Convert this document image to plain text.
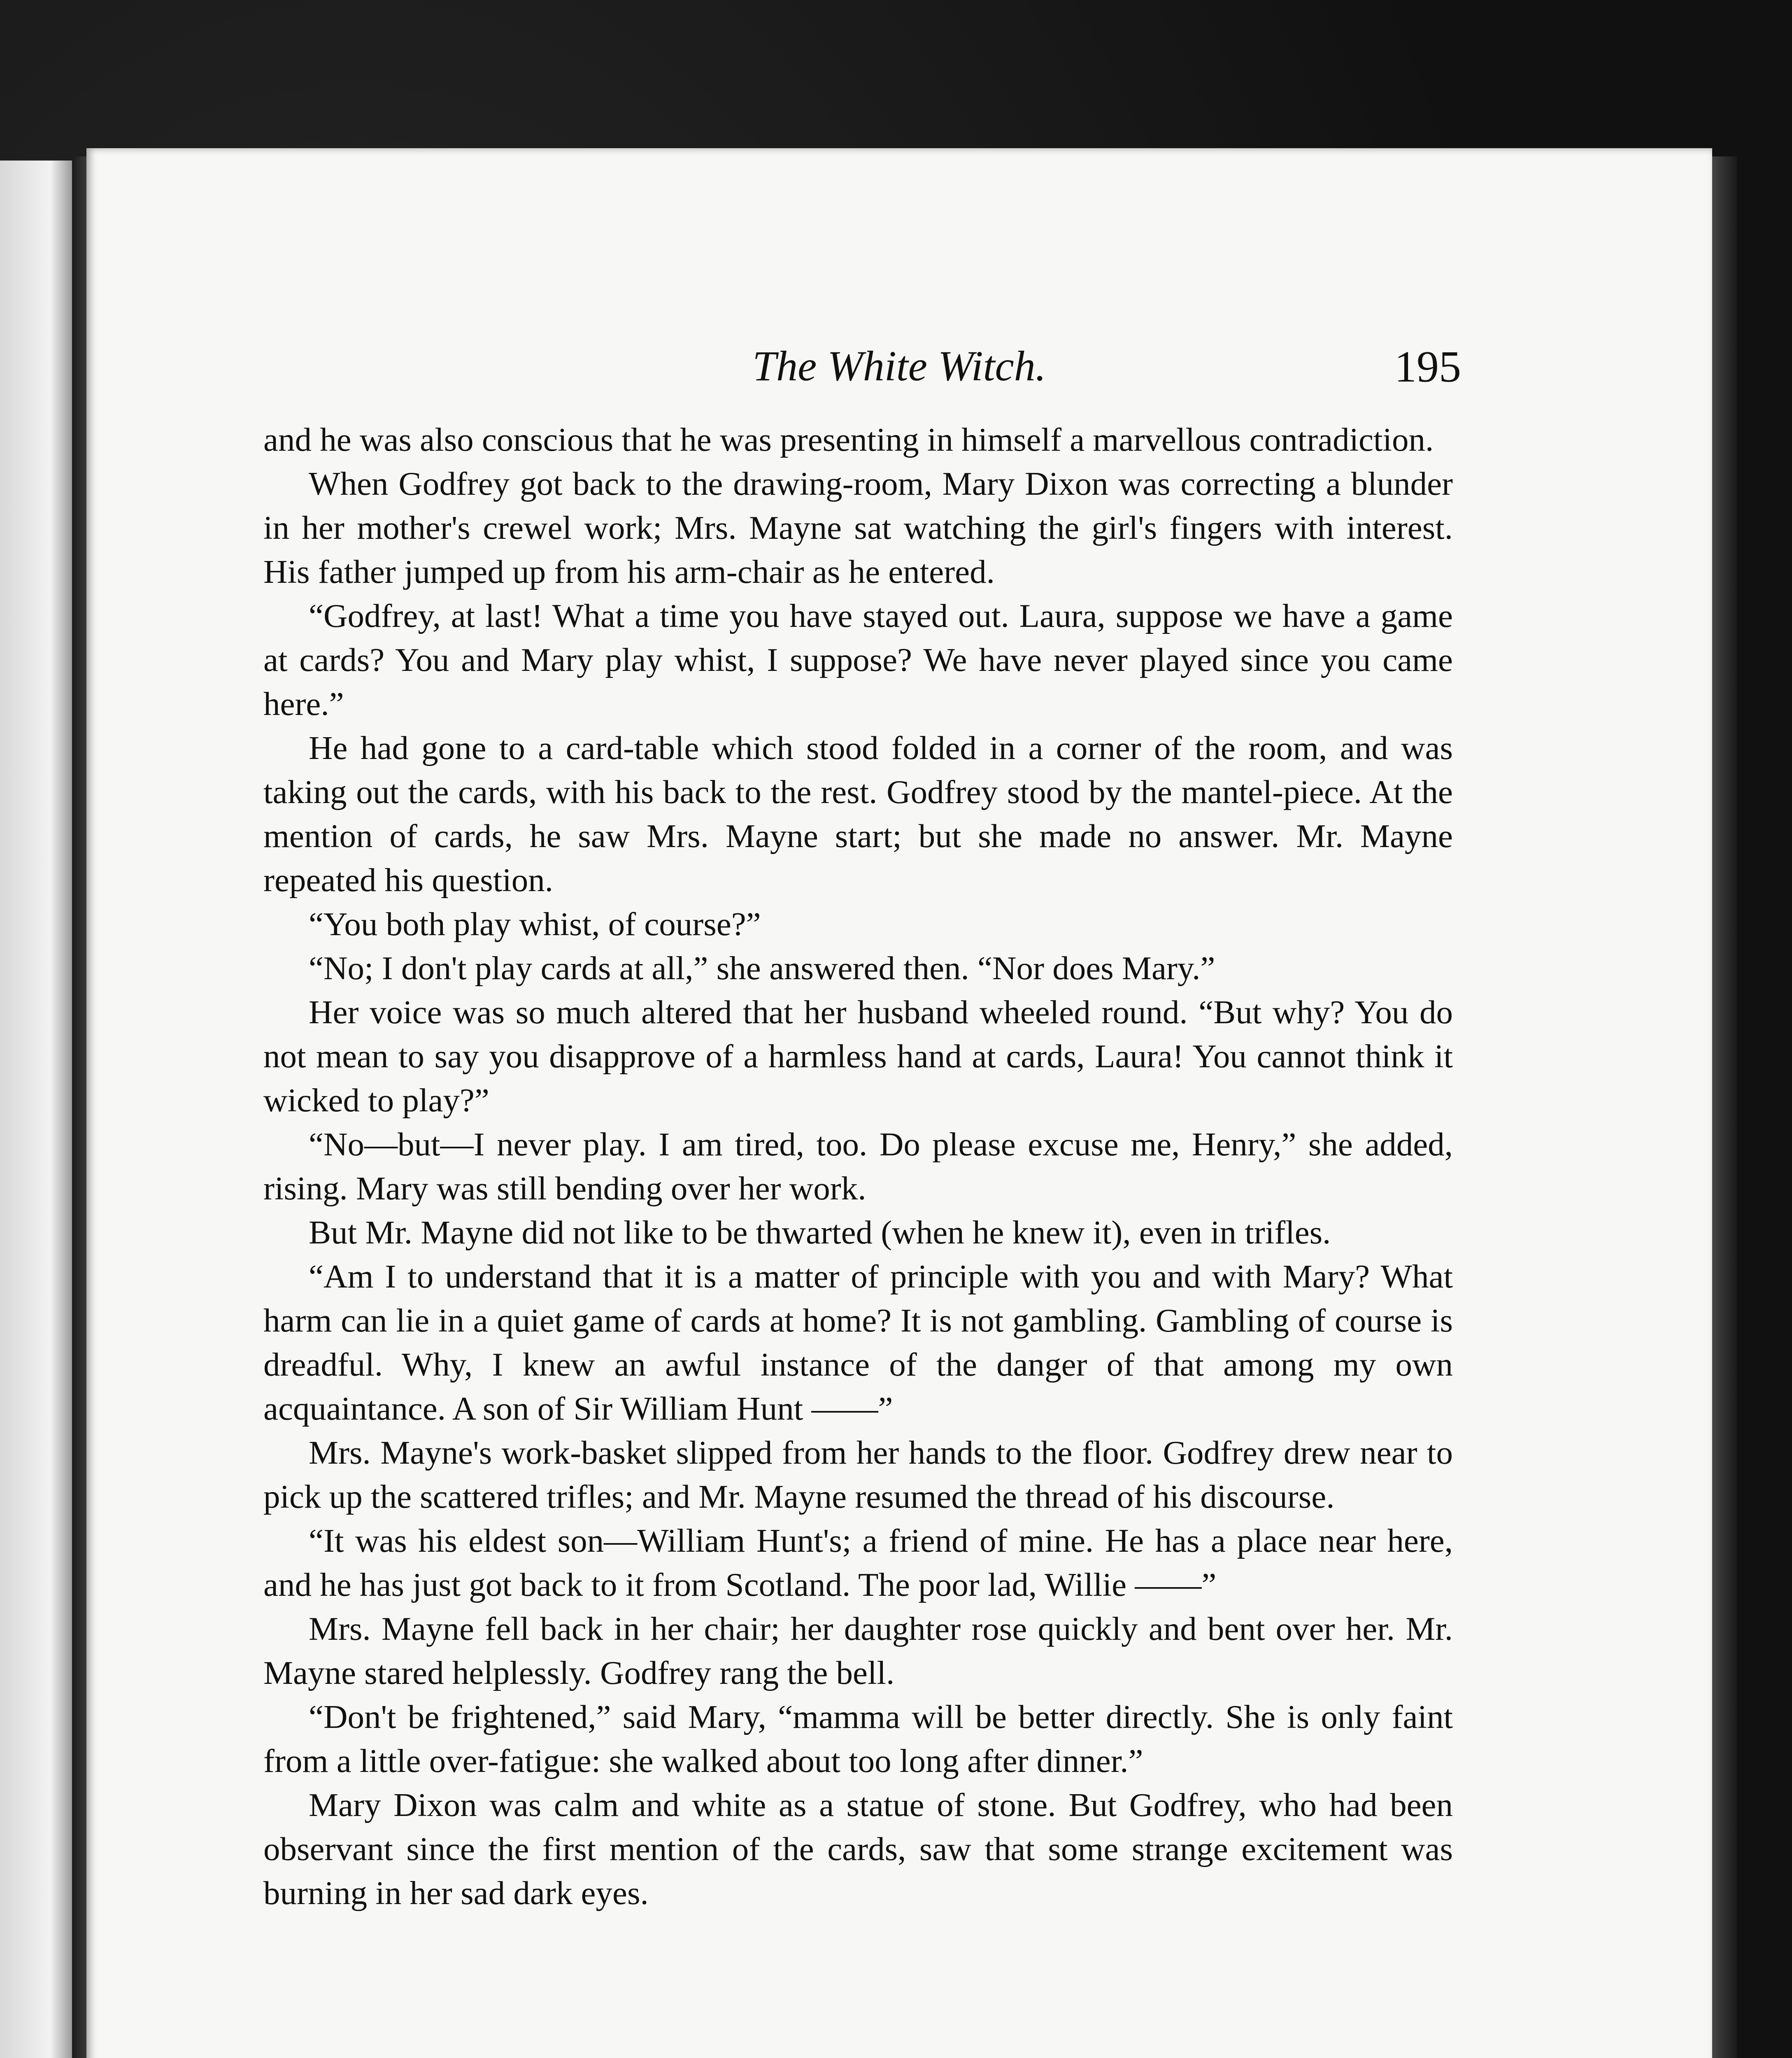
The White Witch.	195

and he was also conscious that he was presenting in himself a marvellous contradiction.

When Godfrey got back to the drawing-room, Mary Dixon was correcting a blunder in her mother's crewel work; Mrs. Mayne sat watching the girl's fingers with interest. His father jumped up from his arm-chair as he entered.

“Godfrey, at last! What a time you have stayed out. Laura, suppose we have a game at cards? You and Mary play whist, I suppose? We have never played since you came here.”

He had gone to a card-table which stood folded in a corner of the room, and was taking out the cards, with his back to the rest. Godfrey stood by the mantel-piece. At the mention of cards, he saw Mrs. Mayne start; but she made no answer. Mr. Mayne repeated his question.

“You both play whist, of course?”

“No; I don't play cards at all,” she answered then. “Nor does Mary.”

Her voice was so much altered that her husband wheeled round. “But why? You do not mean to say you disapprove of a harmless hand at cards, Laura! You cannot think it wicked to play?”

“No—but—I never play. I am tired, too. Do please excuse me, Henry,” she added, rising. Mary was still bending over her work.

But Mr. Mayne did not like to be thwarted (when he knew it), even in trifles.

“Am I to understand that it is a matter of principle with you and with Mary? What harm can lie in a quiet game of cards at home? It is not gambling. Gambling of course is dreadful. Why, I knew an awful instance of the danger of that among my own acquaintance. A son of Sir William Hunt ——”

Mrs. Mayne's work-basket slipped from her hands to the floor. Godfrey drew near to pick up the scattered trifles; and Mr. Mayne resumed the thread of his discourse.

“It was his eldest son—William Hunt's; a friend of mine. He has a place near here, and he has just got back to it from Scotland. The poor lad, Willie ——”

Mrs. Mayne fell back in her chair; her daughter rose quickly and bent over her. Mr. Mayne stared helplessly. Godfrey rang the bell.

“Don't be frightened,” said Mary, “mamma will be better directly. She is only faint from a little over-fatigue: she walked about too long after dinner.”

Mary Dixon was calm and white as a statue of stone. But Godfrey, who had been observant since the first mention of the cards, saw that some strange excitement was burning in her sad dark eyes.
